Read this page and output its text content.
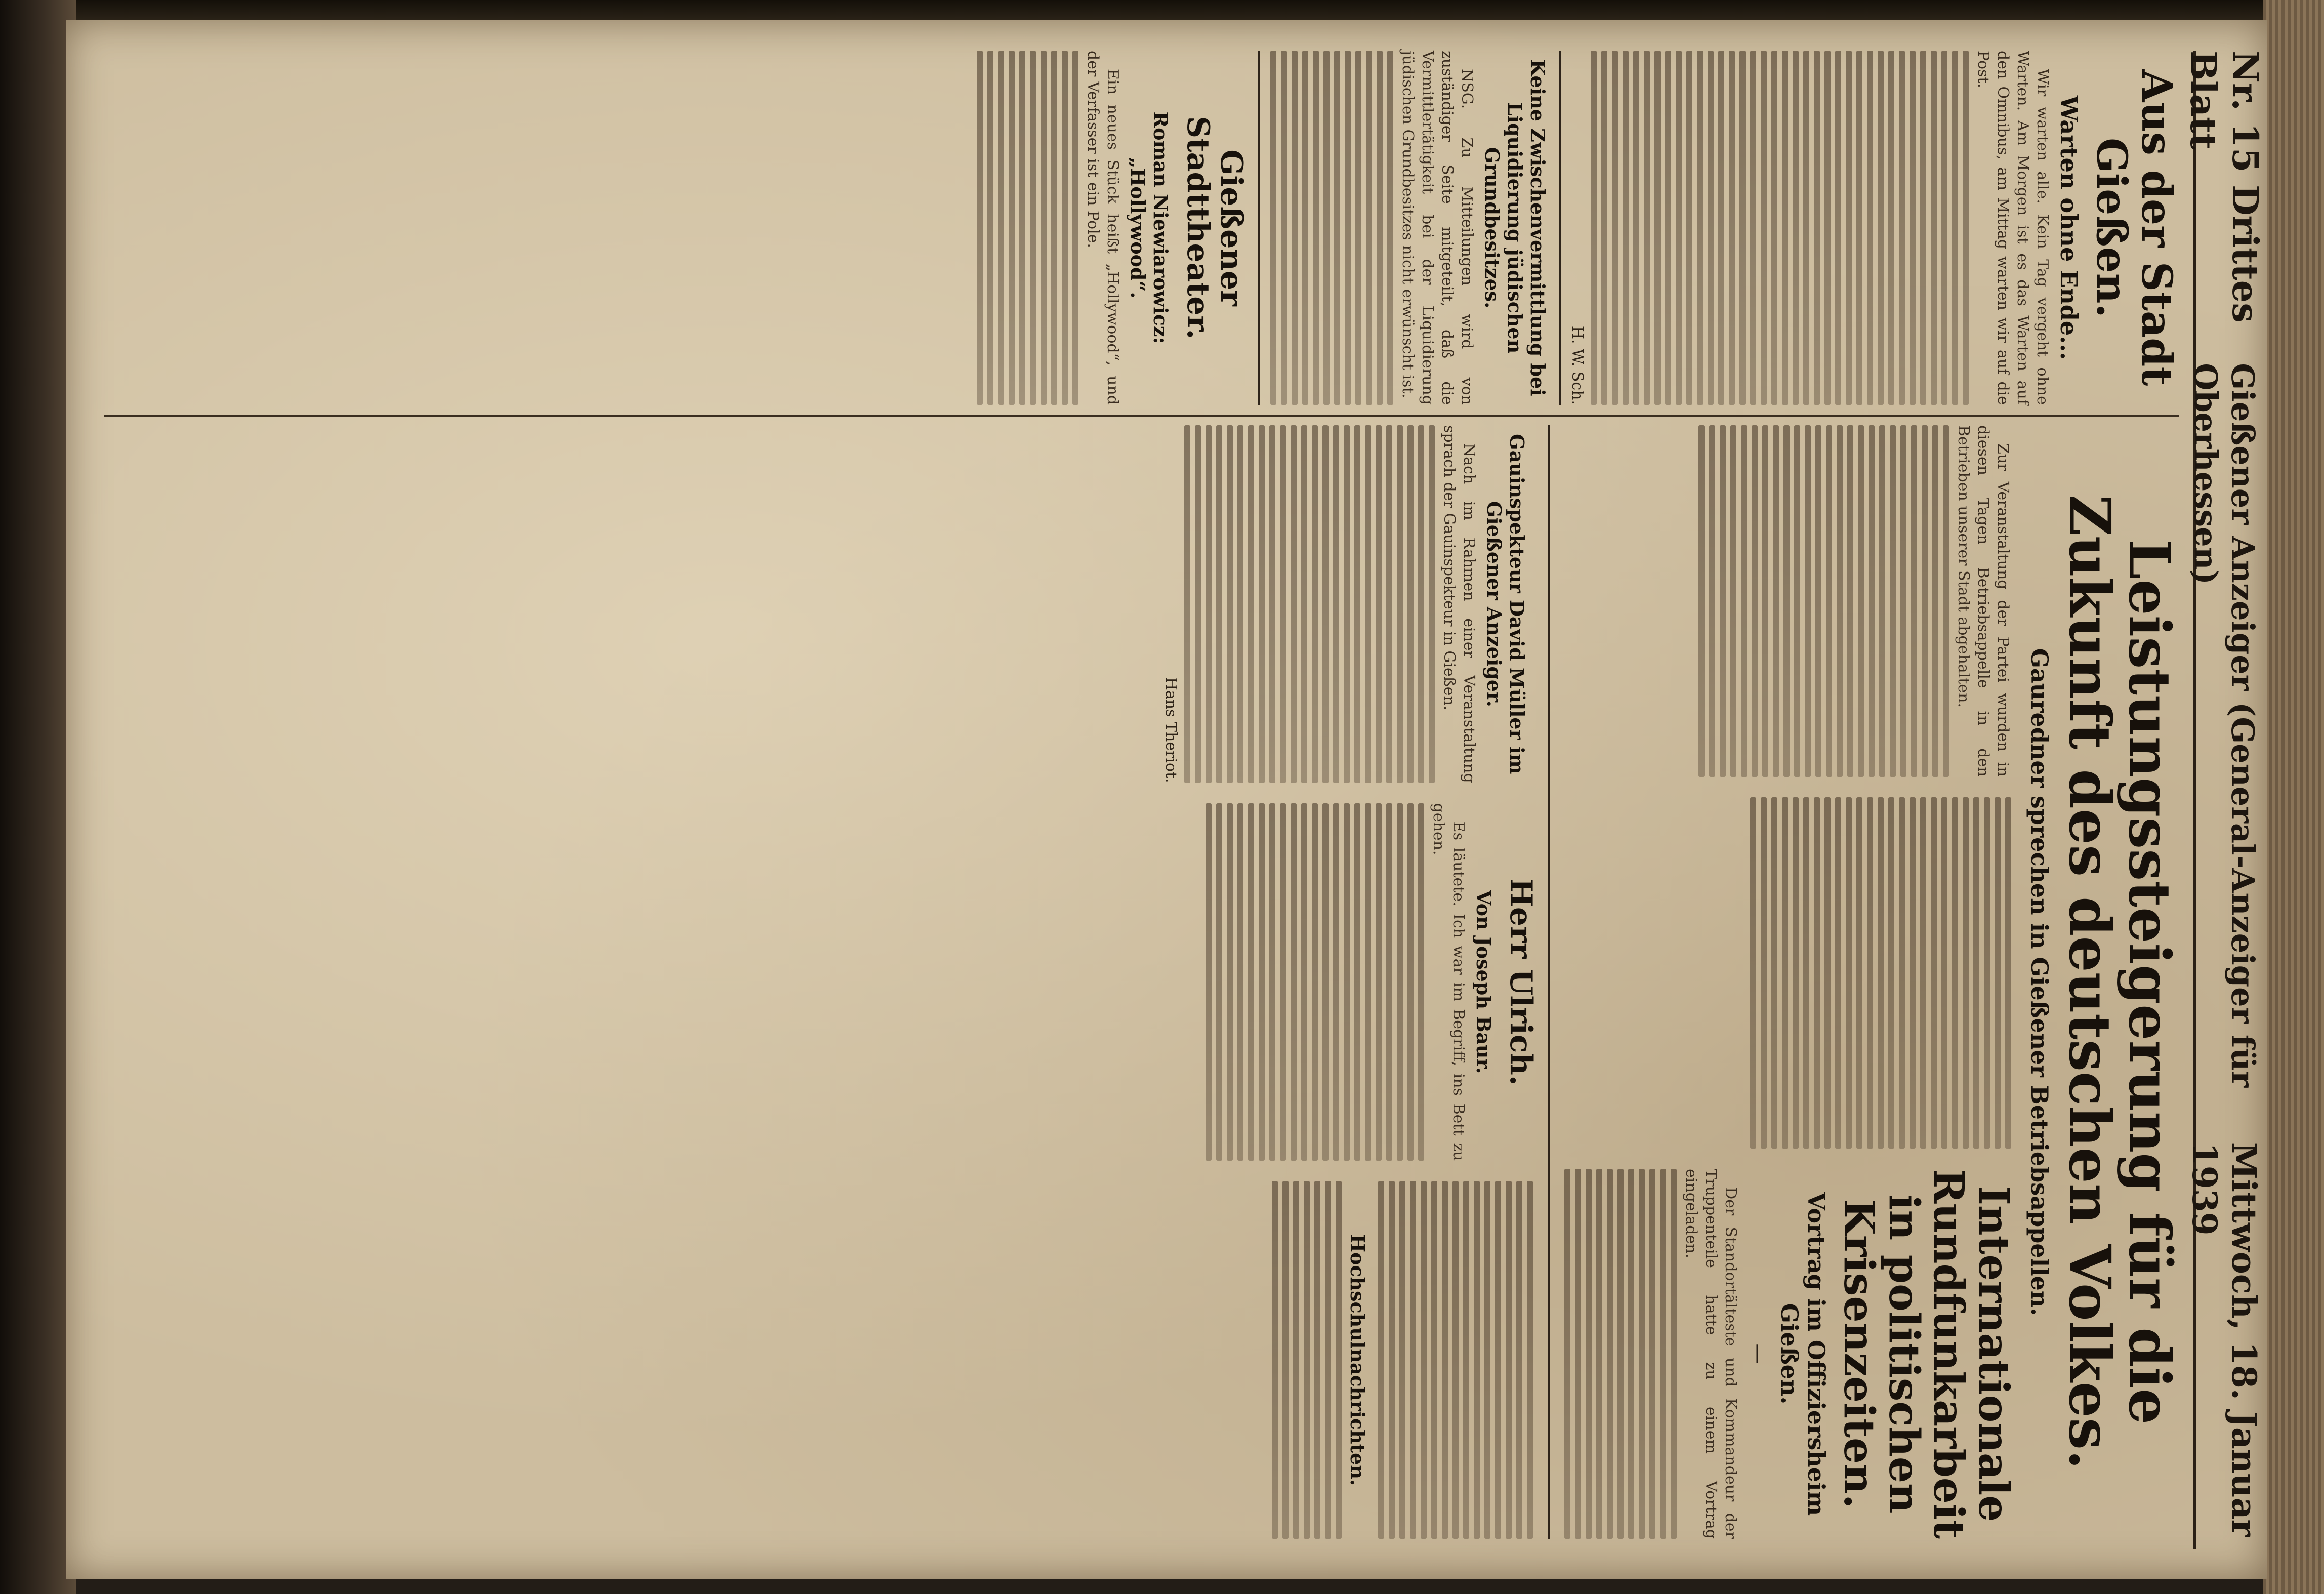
Nr. 15 Drittes Blatt
Gießener Anzeiger (General-Anzeiger für Oberhessen)
Mittwoch, 18. Januar 1939
Aus der Stadt Gießen.
Warten ohne Ende...

Wir warten alle. Kein Tag vergeht ohne Warten. Am Morgen ist es das Warten auf den Omnibus, am Mittag warten wir auf die Post.

H. W. Sch.

Keine Zwischenvermittlung bei Liquidierung jüdischen Grundbesitzes.

NSG. Zu Mitteilungen wird von zuständiger Seite mitgeteilt, daß die Vermittlertätigkeit bei der Liquidierung jüdischen Grundbesitzes nicht erwünscht ist.

Gießener Stadttheater.
Roman Niewiarowicz: „Hollywood“.

Ein neues Stück heißt „Hollywood“, und der Verfasser ist ein Pole.

Leistungssteigerung für die Zukunft des deutschen Volkes.
Gauredner sprechen in Gießener Betriebsappellen.

Zur Veranstaltung der Partei wurden in diesen Tagen Betriebsappelle in den Betrieben unserer Stadt abgehalten.

Internationale Rundfunkarbeit in politischen Krisenzeiten.
Vortrag im Offiziersheim Gießen.
—

Der Standortälteste und Kommandeur der Truppenteile hatte zu einem Vortrag eingeladen.

Gauinspekteur David Müller im Gießener Anzeiger.

Nach im Rahmen einer Veranstaltung sprach der Gauinspekteur in Gießen.

Hans Theriot.

Herr Ulrich.
Von Joseph Baur.

Es läutete. Ich war im Begriff, ins Bett zu gehen.

Hochschulnachrichten.
